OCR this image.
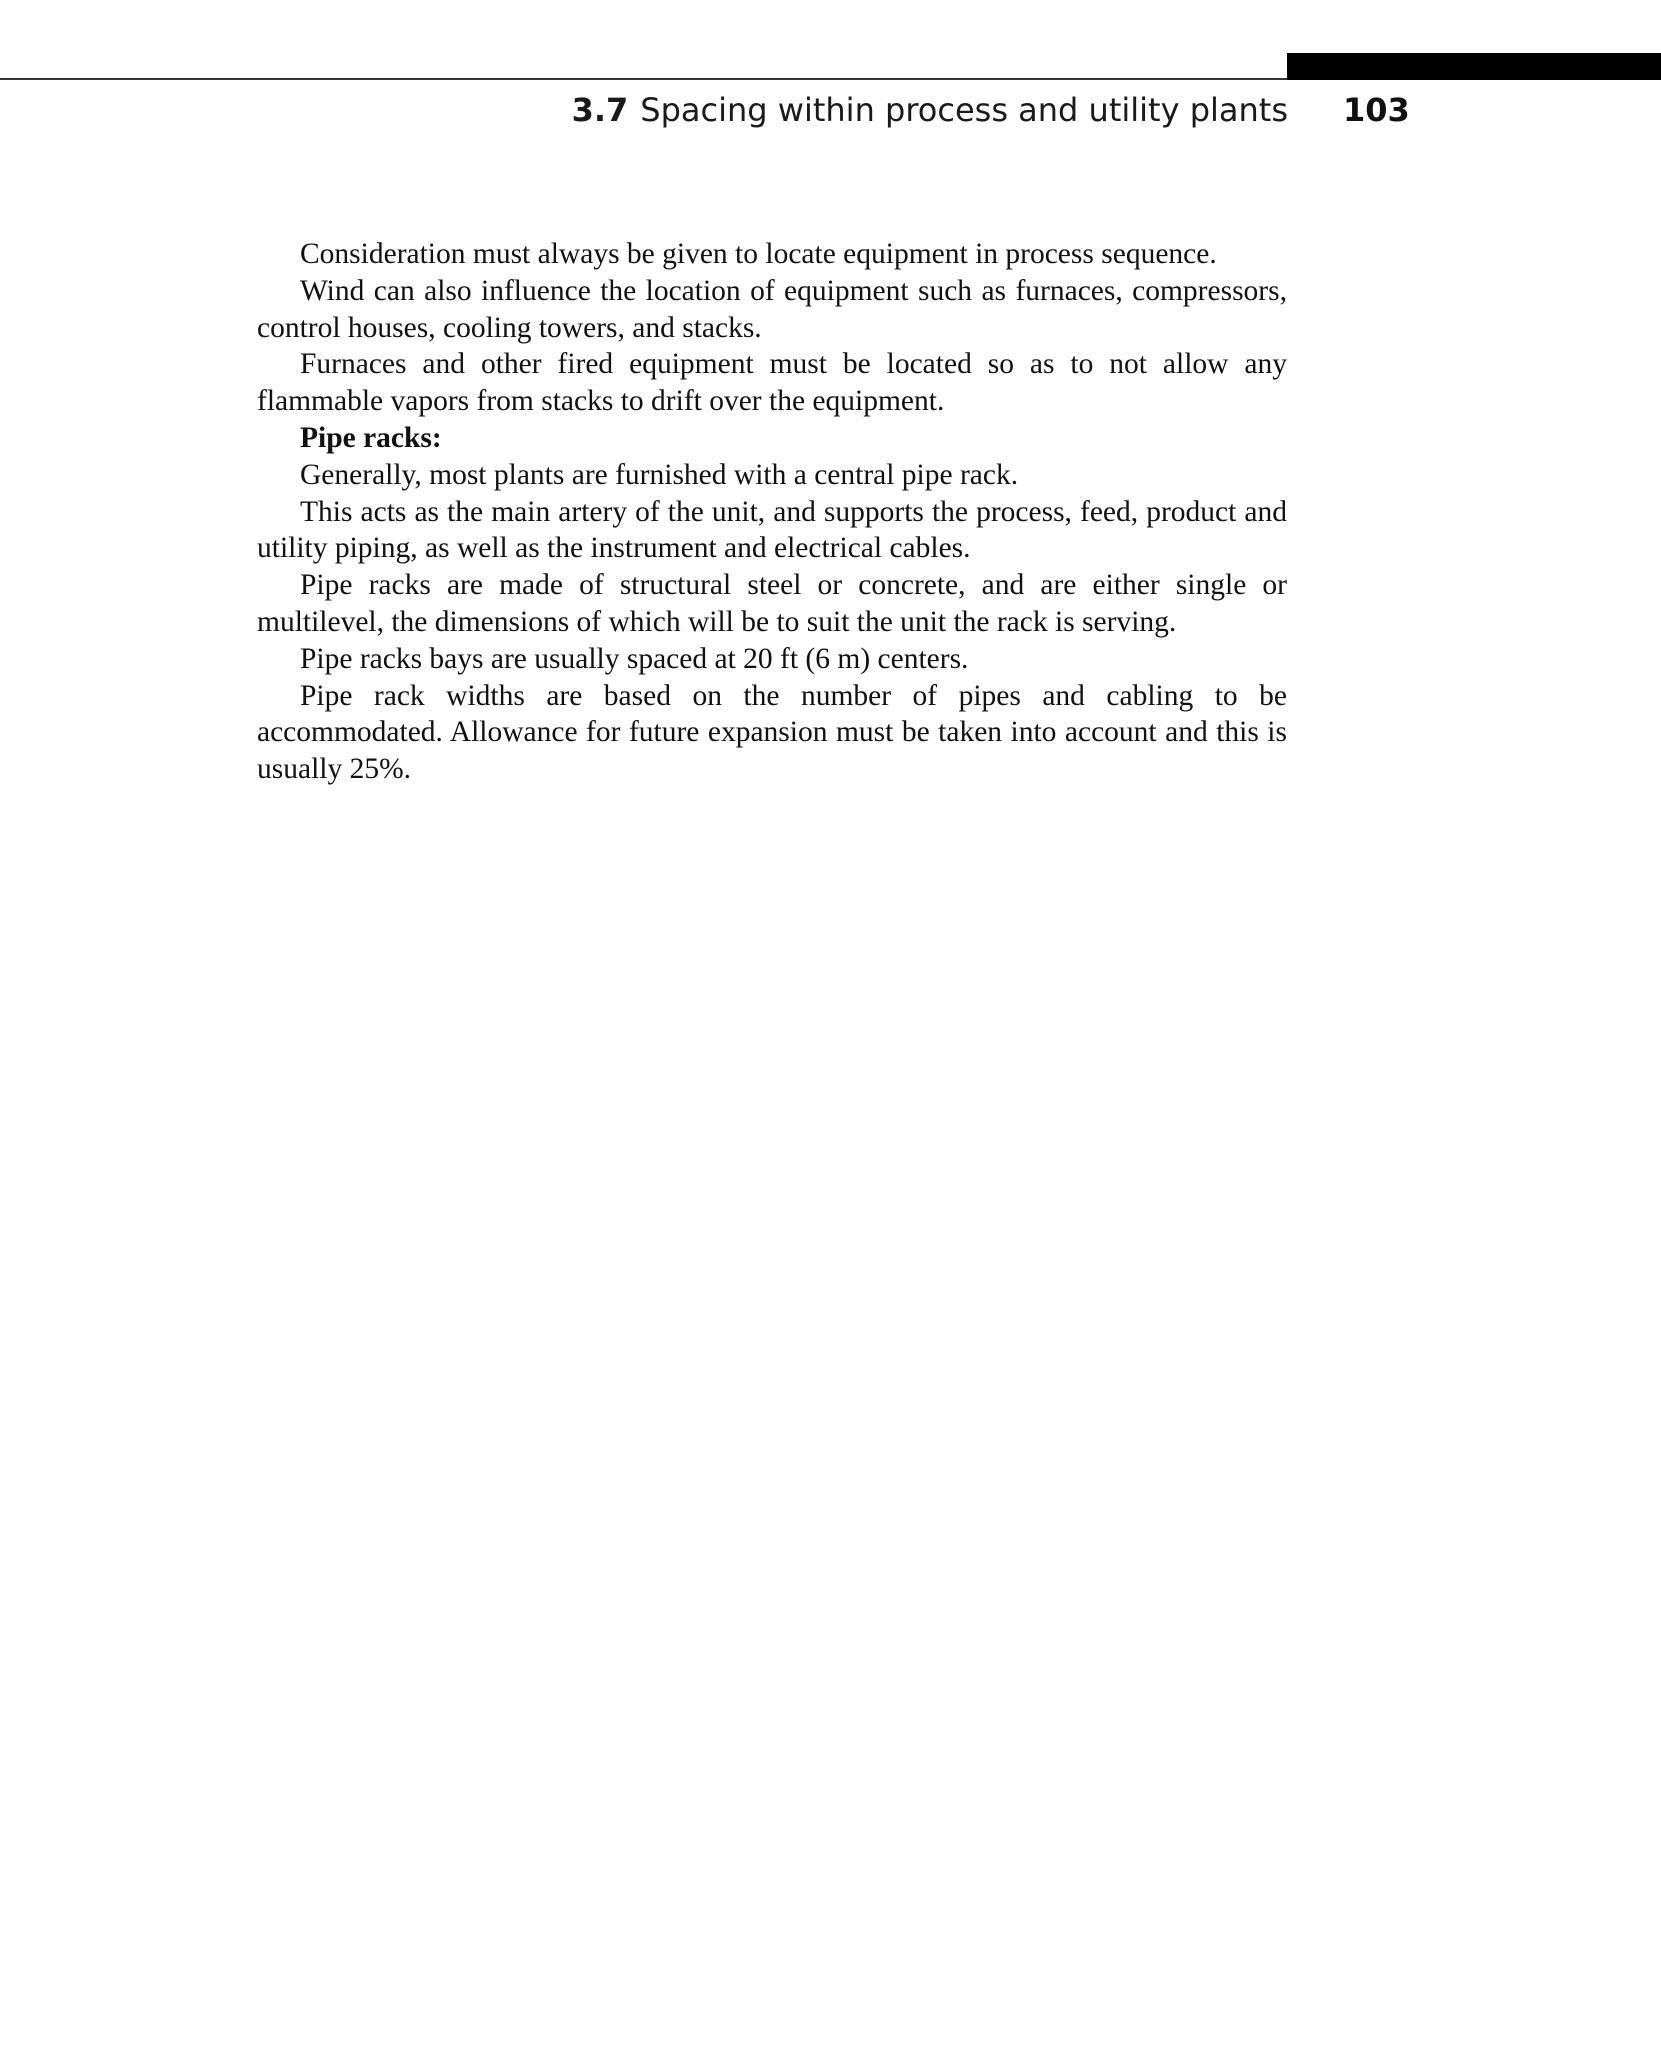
3.7 Spacing within process and utility plants 103

Consideration must always be given to locate equipment in process sequence.

Wind can also influence the location of equipment such as furnaces, compressors, control houses, cooling towers, and stacks.

Furnaces and other fired equipment must be located so as to not allow any flammable vapors from stacks to drift over the equipment.

Pipe racks:

Generally, most plants are furnished with a central pipe rack.

This acts as the main artery of the unit, and supports the process, feed, product and utility piping, as well as the instrument and electrical cables.

Pipe racks are made of structural steel or concrete, and are either single or multilevel, the dimensions of which will be to suit the unit the rack is serving.

Pipe racks bays are usually spaced at 20 ft (6 m) centers.

Pipe rack widths are based on the number of pipes and cabling to be accommodated. Allowance for future expansion must be taken into account and this is usually 25%.
